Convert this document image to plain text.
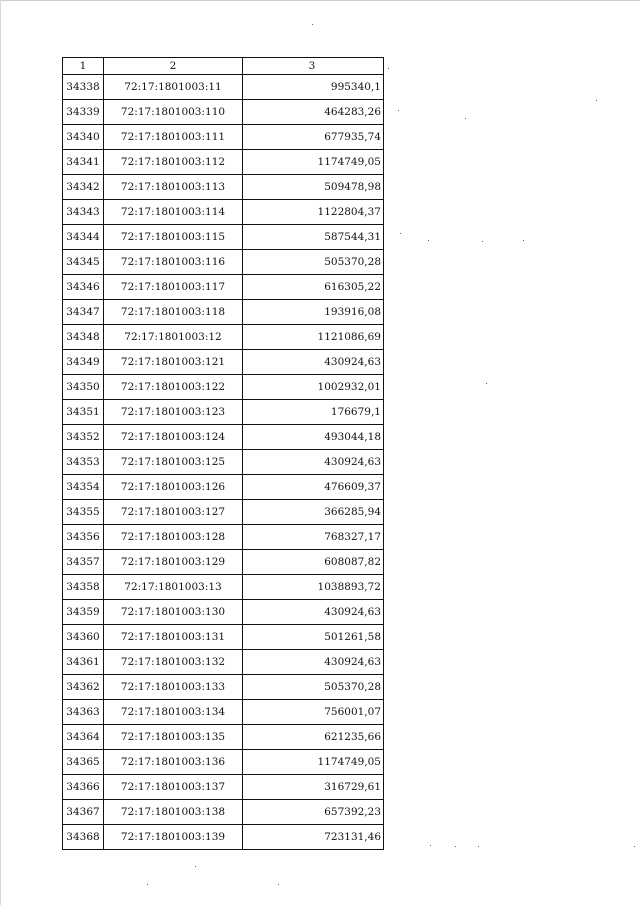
1	2	3
34338	72:17:1801003:11	995340,1
34339	72:17:1801003:110	464283,26
34340	72:17:1801003:111	677935,74
34341	72:17:1801003:112	1174749,05
34342	72:17:1801003:113	509478,98
34343	72:17:1801003:114	1122804,37
34344	72:17:1801003:115	587544,31
34345	72:17:1801003:116	505370,28
34346	72:17:1801003:117	616305,22
34347	72:17:1801003:118	193916,08
34348	72:17:1801003:12	1121086,69
34349	72:17:1801003:121	430924,63
34350	72:17:1801003:122	1002932,01
34351	72:17:1801003:123	176679,1
34352	72:17:1801003:124	493044,18
34353	72:17:1801003:125	430924,63
34354	72:17:1801003:126	476609,37
34355	72:17:1801003:127	366285,94
34356	72:17:1801003:128	768327,17
34357	72:17:1801003:129	608087,82
34358	72:17:1801003:13	1038893,72
34359	72:17:1801003:130	430924,63
34360	72:17:1801003:131	501261,58
34361	72:17:1801003:132	430924,63
34362	72:17:1801003:133	505370,28
34363	72:17:1801003:134	756001,07
34364	72:17:1801003:135	621235,66
34365	72:17:1801003:136	1174749,05
34366	72:17:1801003:137	316729,61
34367	72:17:1801003:138	657392,23
34368	72:17:1801003:139	723131,46
